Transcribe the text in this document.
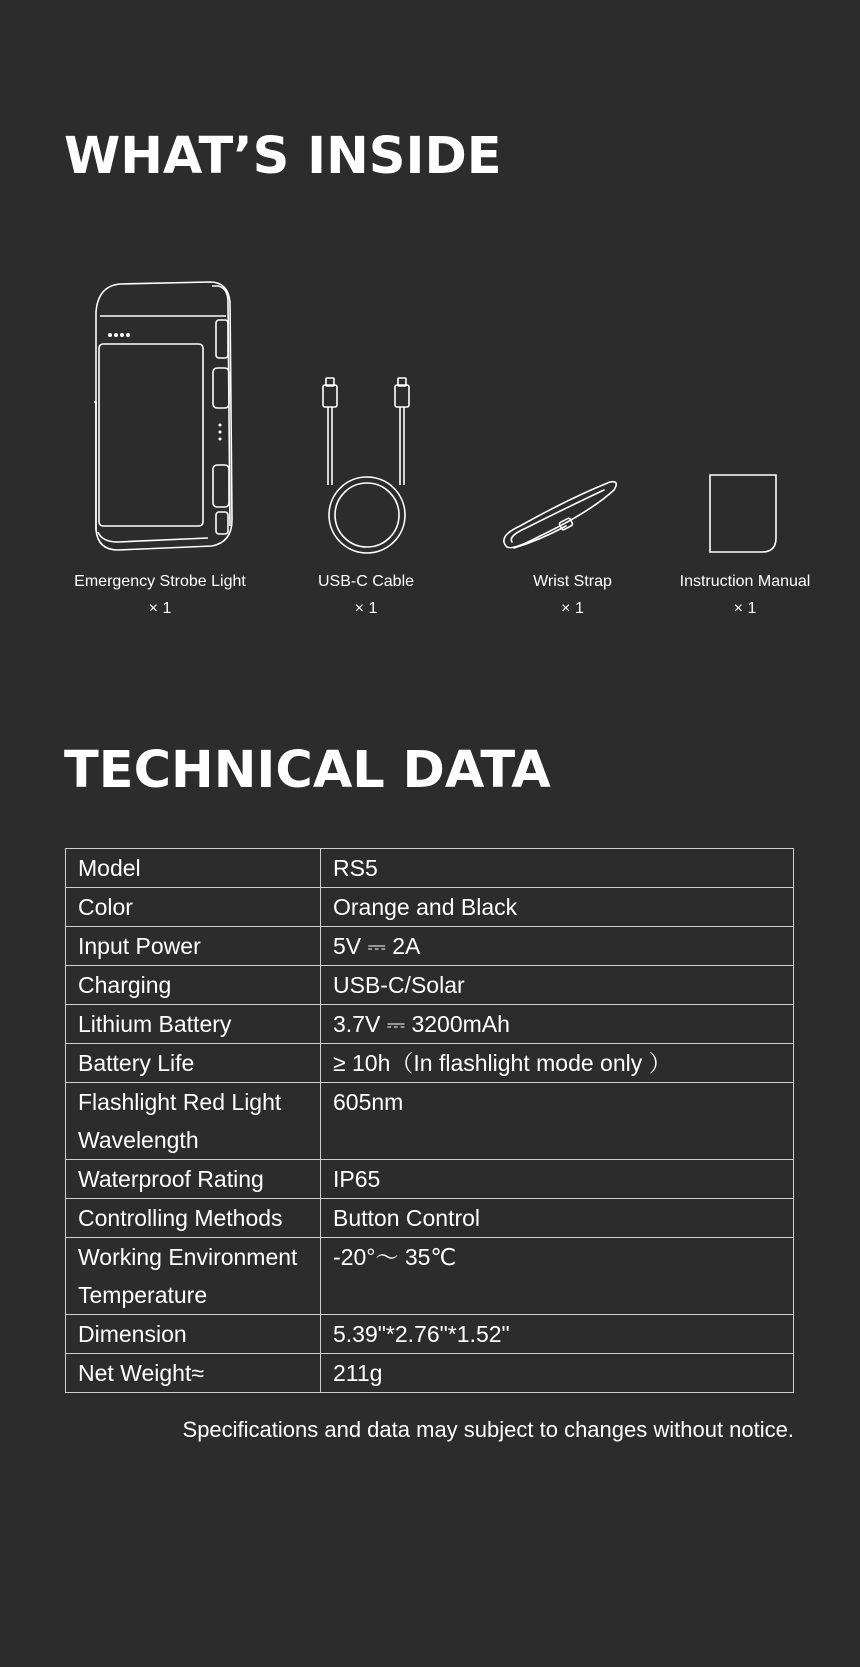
WHAT’S INSIDE
Emergency Strobe Light
× 1
USB-C Cable
× 1
Wrist Strap
× 1
Instruction Manual
× 1
TECHNICAL DATA
Model	RS5
Color	Orange and Black
Input Power	5V ⎓ 2A
Charging	USB-C/Solar
Lithium Battery	3.7V ⎓ 3200mAh
Battery Life	≥ 10h（In flashlight mode only ）
Flashlight Red Light Wavelength	605nm
Waterproof Rating	IP65
Controlling Methods	Button Control
Working Environment Temperature	-20°～ 35℃
Dimension	5.39"*2.76"*1.52"
Net Weight≈	211g

Specifications and data may subject to changes without notice.
